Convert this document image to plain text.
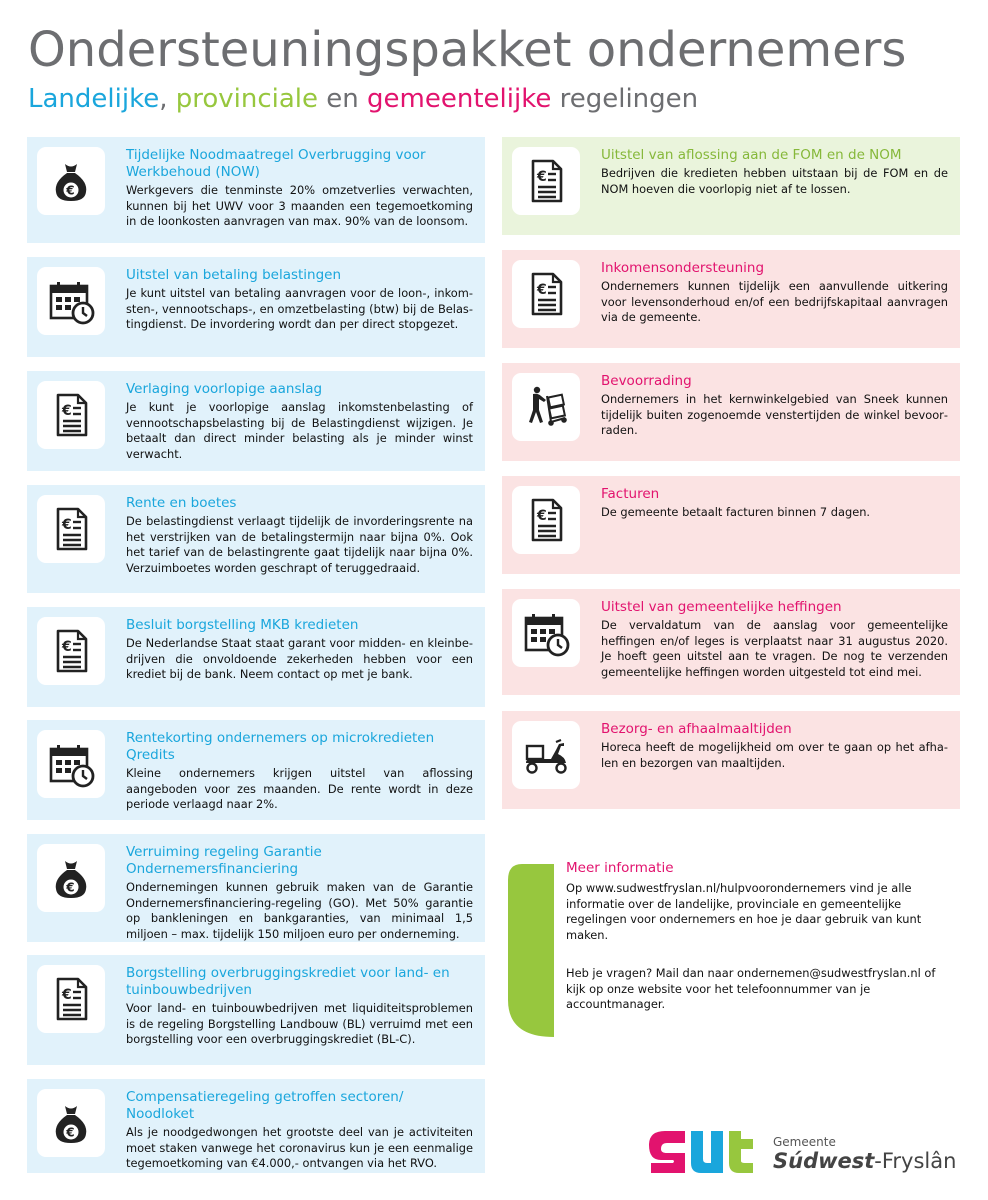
Ondersteuningspakket ondernemers
Landelijke, provinciale en gemeentelijke regelingen
€
Tijdelijke Noodmaatregel Overbrugging voor Werkbehoud (NOW)
Werkgevers die tenminste 20% omzetverlies verwachten, kunnen bij het UWV voor 3 maanden een tegemoetkoming in de loonkosten aanvragen van max. 90% van de loonsom.
Uitstel van betaling belastingen
Je kunt uitstel van betaling aanvragen voor de loon-, inkomsten-, vennootschaps-, en omzetbelasting (btw) bij de Belastingdienst. De invordering wordt dan per direct stopgezet.
€
Verlaging voorlopige aanslag
Je kunt je voorlopige aanslag inkomstenbelasting of vennootschapsbelasting bij de Belastingdienst wijzigen. Je betaalt dan direct minder belasting als je minder winst verwacht.
€
Rente en boetes
De belastingdienst verlaagt tijdelijk de invorderingsrente na het verstrijken van de betalingstermijn naar bijna 0%. Ook het tarief van de belastingrente gaat tijdelijk naar bijna 0%. Verzuimboetes worden geschrapt of teruggedraaid.
€
Besluit borgstelling MKB kredieten
De Nederlandse Staat staat garant voor midden- en kleinbedrijven die onvoldoende zekerheden hebben voor een krediet bij de bank. Neem contact op met je bank.
Rentekorting ondernemers op microkredieten Qredits
Kleine ondernemers krijgen uitstel van aflossing aangeboden voor zes maanden. De rente wordt in deze periode verlaagd naar 2%.
€
Verruiming regeling Garantie Ondernemersfinanciering
Ondernemingen kunnen gebruik maken van de Garantie Ondernemersfinanciering-regeling (GO). Met 50% garantie op bankleningen en bankgaranties, van minimaal 1,5 miljoen – max. tijdelijk 150 miljoen euro per onderneming.
€
Borgstelling overbruggingskrediet voor land- en tuinbouwbedrijven
Voor land- en tuinbouwbedrijven met liquiditeitsproblemen is de regeling Borgstelling Landbouw (BL) verruimd met een borgstelling voor een overbruggingskrediet (BL-C).
€
Compensatieregeling getroffen sectoren/ Noodloket
Als je noodgedwongen het grootste deel van je activiteiten moet staken vanwege het coronavirus kun je een eenmalige tegemoetkoming van €4.000,- ontvangen via het RVO.
€
Uitstel van aflossing aan de FOM en de NOM
Bedrijven die kredieten hebben uitstaan bij de FOM en de NOM hoeven die voorlopig niet af te lossen.
€
Inkomensondersteuning
Ondernemers kunnen tijdelijk een aanvullende uitkering voor levensonderhoud en/of een bedrijfskapitaal aanvragen via de gemeente.
Bevoorrading
Ondernemers in het kernwinkelgebied van Sneek kunnen tijdelijk buiten zogenoemde venstertijden de winkel bevoorraden.
€
Facturen
De gemeente betaalt facturen binnen 7 dagen.
Uitstel van gemeentelijke heffingen
De vervaldatum van de aanslag voor gemeentelijke heffingen en/of leges is verplaatst naar 31 augustus 2020. Je hoeft geen uitstel aan te vragen. De nog te verzenden gemeentelijke heffingen worden uitgesteld tot eind mei.
Bezorg- en afhaalmaaltijden
Horeca heeft de mogelijkheid om over te gaan op het afhalen en bezorgen van maaltijden.
Meer informatie
Op www.sudwestfryslan.nl/hulpvoorondernemers vind je alle informatie over de landelijke, provinciale en gemeentelijke regelingen voor ondernemers en hoe je daar gebruik van kunt maken.
Heb je vragen? Mail dan naar ondernemen@sudwestfryslan.nl of kijk op onze website voor het telefoonnummer van je accountmanager.
Gemeente
Súdwest-Fryslân
